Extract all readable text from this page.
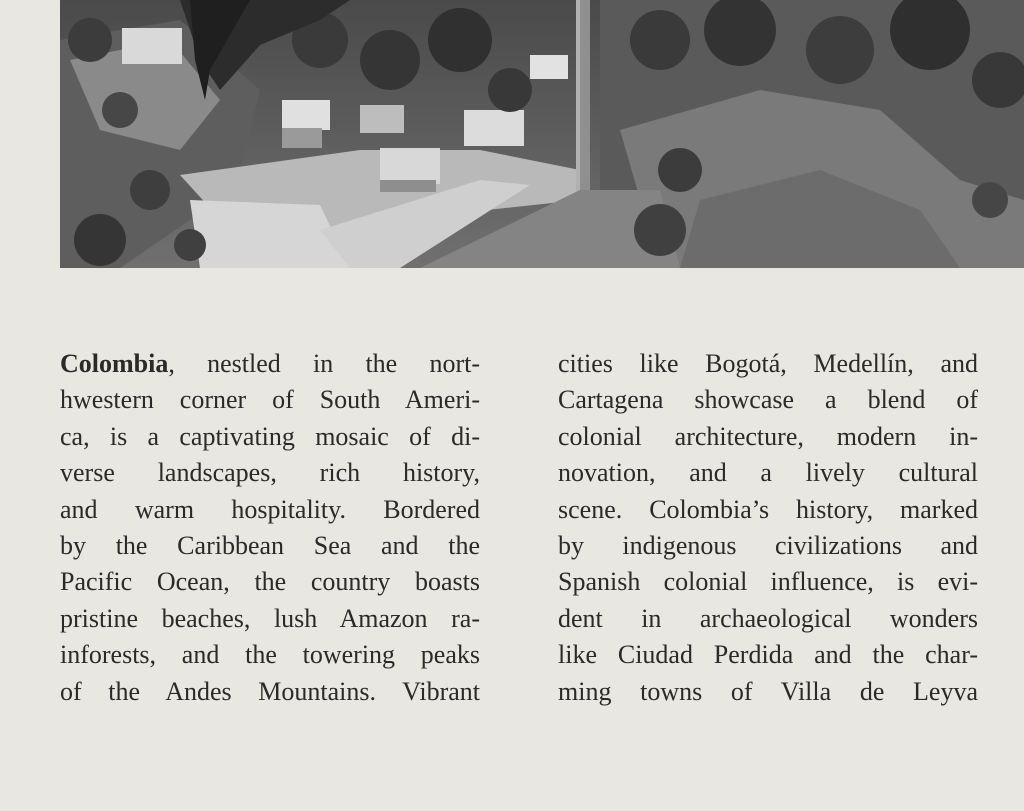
Colombia, nestled in the nort-
hwestern corner of South Ameri-
ca, is a captivating mosaic of di-
verse landscapes, rich history,
and warm hospitality. Bordered
by the Caribbean Sea and the
Pacific Ocean, the country boasts
pristine beaches, lush Amazon ra-
inforests, and the towering peaks
of the Andes Mountains. Vibrant
cities like Bogotá, Medellín, and
Cartagena showcase a blend of
colonial architecture, modern in-
novation, and a lively cultural
scene. Colombia’s history, marked
by indigenous civilizations and
Spanish colonial influence, is evi-
dent in archaeological wonders
like Ciudad Perdida and the char-
ming towns of Villa de Leyva
